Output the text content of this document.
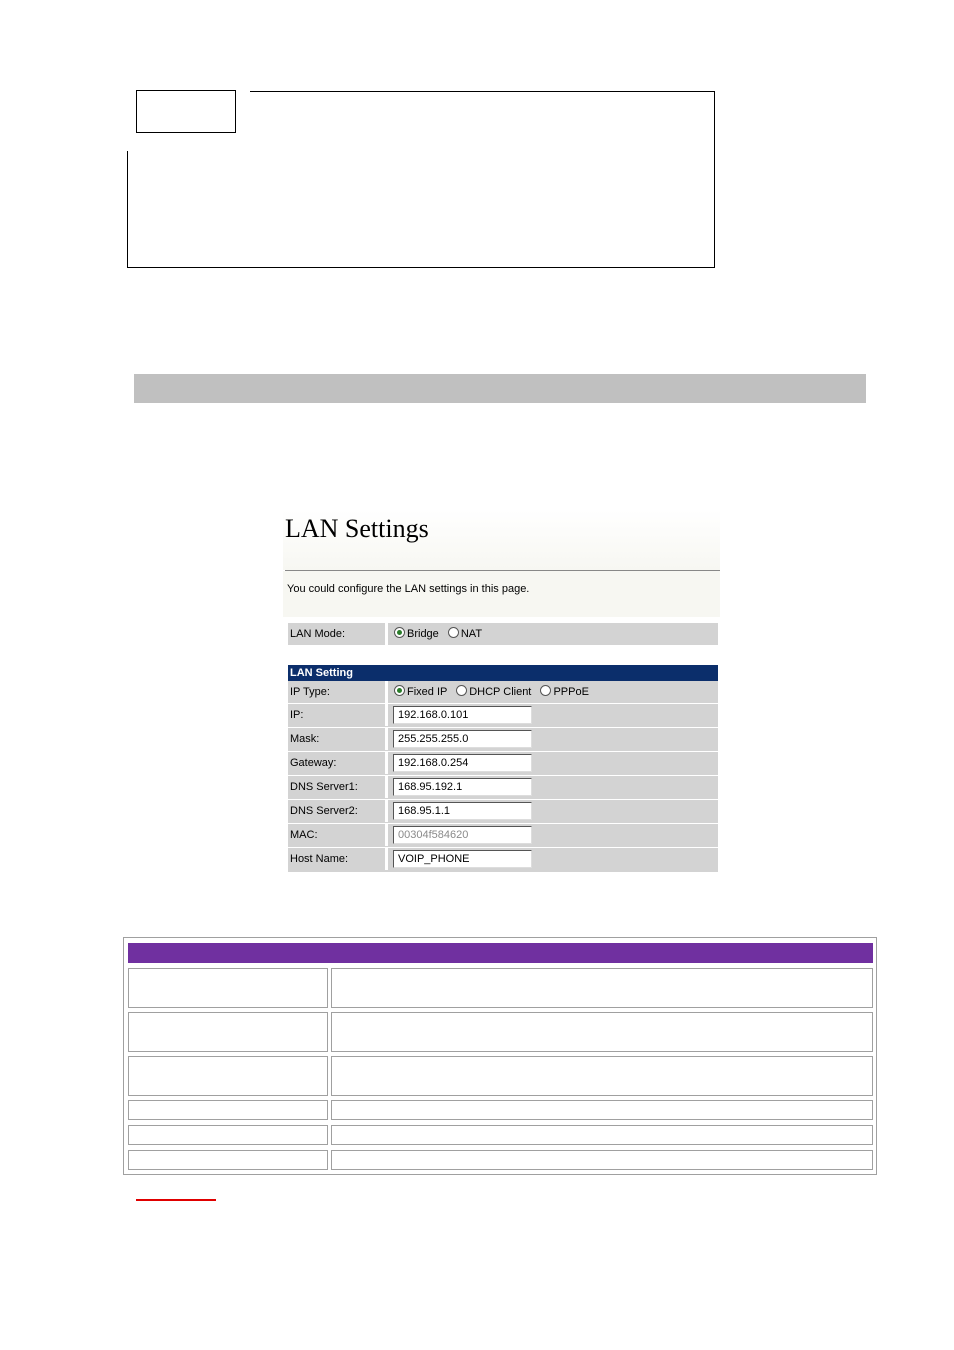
LAN Settings
You could configure the LAN settings in this page.
LAN Mode:	Bridge NAT
LAN Setting
IP Type:	Fixed IP DHCP Client PPPoE
IP:
192.168.0.101
Mask:
255.255.255.0
Gateway:
192.168.0.254
DNS Server1:
168.95.192.1
DNS Server2:
168.95.1.1
MAC:
00304f584620
Host Name:
VOIP_PHONE
